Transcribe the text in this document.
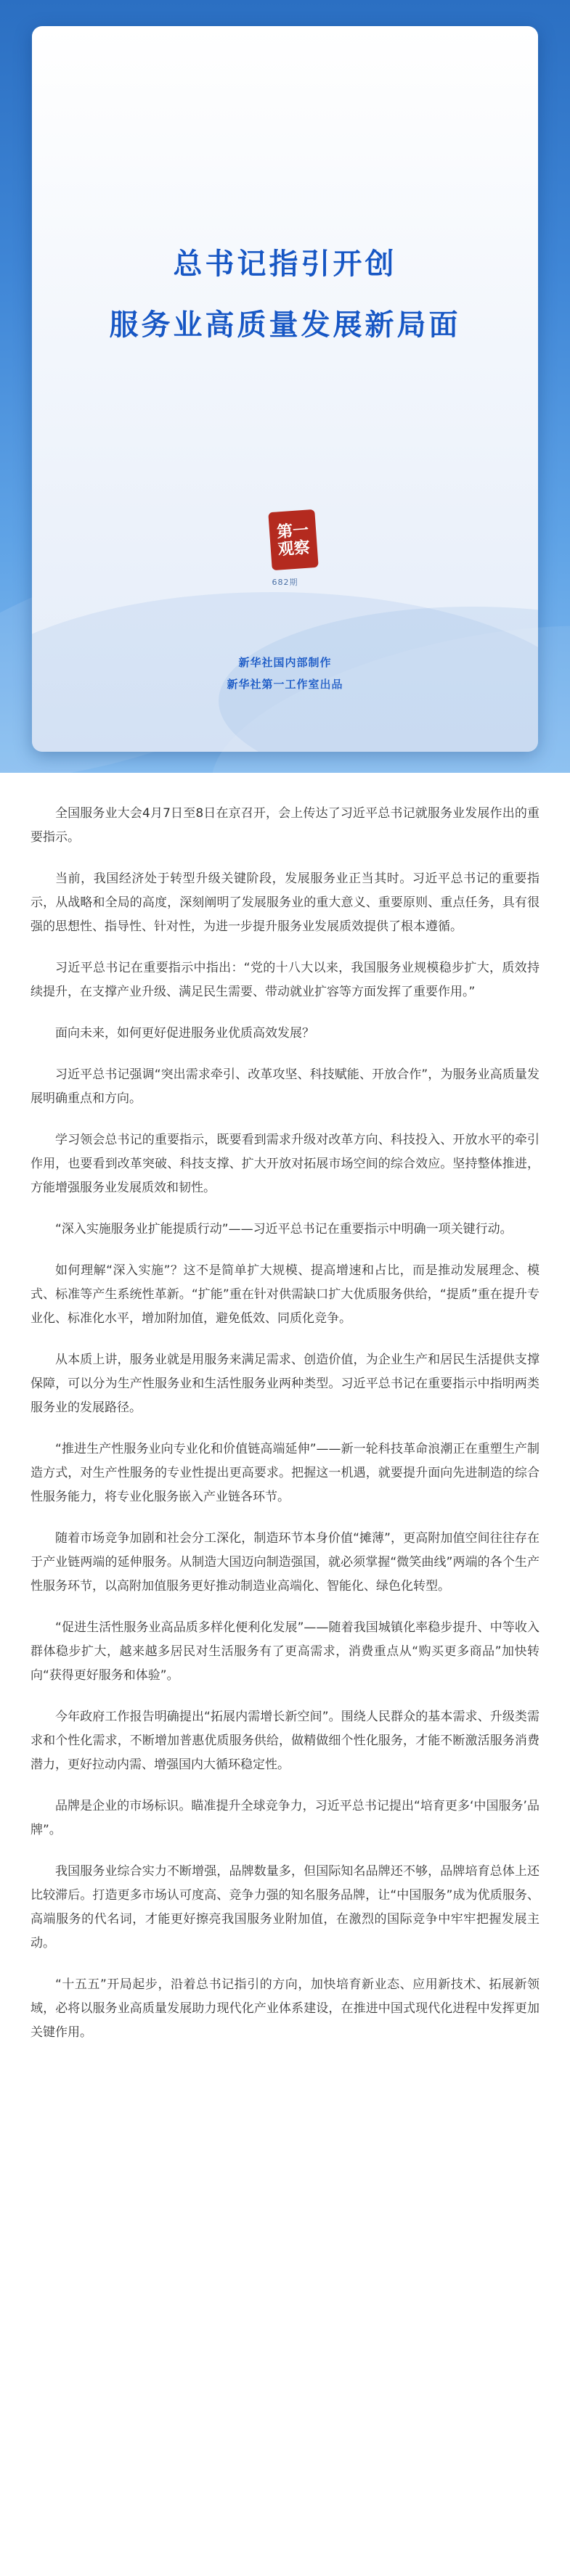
总书记指引开创
服务业高质量发展新局面
第一
观察
682期
新华社国内部制作
新华社第一工作室出品

全国服务业大会4月7日至8日在京召开，会上传达了习近平总书记就服务业发展作出的重要指示。

当前，我国经济处于转型升级关键阶段，发展服务业正当其时。习近平总书记的重要指示，从战略和全局的高度，深刻阐明了发展服务业的重大意义、重要原则、重点任务，具有很强的思想性、指导性、针对性，为进一步提升服务业发展质效提供了根本遵循。

习近平总书记在重要指示中指出：“党的十八大以来，我国服务业规模稳步扩大，质效持续提升，在支撑产业升级、满足民生需要、带动就业扩容等方面发挥了重要作用。”

面向未来，如何更好促进服务业优质高效发展？

习近平总书记强调“突出需求牵引、改革攻坚、科技赋能、开放合作”，为服务业高质量发展明确重点和方向。

学习领会总书记的重要指示，既要看到需求升级对改革方向、科技投入、开放水平的牵引作用，也要看到改革突破、科技支撑、扩大开放对拓展市场空间的综合效应。坚持整体推进，方能增强服务业发展质效和韧性。

“深入实施服务业扩能提质行动”——习近平总书记在重要指示中明确一项关键行动。

如何理解“深入实施”？这不是简单扩大规模、提高增速和占比，而是推动发展理念、模式、标准等产生系统性革新。“扩能”重在针对供需缺口扩大优质服务供给，“提质”重在提升专业化、标准化水平，增加附加值，避免低效、同质化竞争。

从本质上讲，服务业就是用服务来满足需求、创造价值，为企业生产和居民生活提供支撑保障，可以分为生产性服务业和生活性服务业两种类型。习近平总书记在重要指示中指明两类服务业的发展路径。

“推进生产性服务业向专业化和价值链高端延伸”——新一轮科技革命浪潮正在重塑生产制造方式，对生产性服务的专业性提出更高要求。把握这一机遇，就要提升面向先进制造的综合性服务能力，将专业化服务嵌入产业链各环节。

随着市场竞争加剧和社会分工深化，制造环节本身价值“摊薄”，更高附加值空间往往存在于产业链两端的延伸服务。从制造大国迈向制造强国，就必须掌握“微笑曲线”两端的各个生产性服务环节，以高附加值服务更好推动制造业高端化、智能化、绿色化转型。

“促进生活性服务业高品质多样化便利化发展”——随着我国城镇化率稳步提升、中等收入群体稳步扩大，越来越多居民对生活服务有了更高需求，消费重点从“购买更多商品”加快转向“获得更好服务和体验”。

今年政府工作报告明确提出“拓展内需增长新空间”。围绕人民群众的基本需求、升级类需求和个性化需求，不断增加普惠优质服务供给，做精做细个性化服务，才能不断激活服务消费潜力，更好拉动内需、增强国内大循环稳定性。

品牌是企业的市场标识。瞄准提升全球竞争力，习近平总书记提出“培育更多‘中国服务’品牌”。

我国服务业综合实力不断增强，品牌数量多，但国际知名品牌还不够，品牌培育总体上还比较滞后。打造更多市场认可度高、竞争力强的知名服务品牌，让“中国服务”成为优质服务、高端服务的代名词，才能更好擦亮我国服务业附加值，在激烈的国际竞争中牢牢把握发展主动。

“十五五”开局起步，沿着总书记指引的方向，加快培育新业态、应用新技术、拓展新领域，必将以服务业高质量发展助力现代化产业体系建设，在推进中国式现代化进程中发挥更加关键作用。
